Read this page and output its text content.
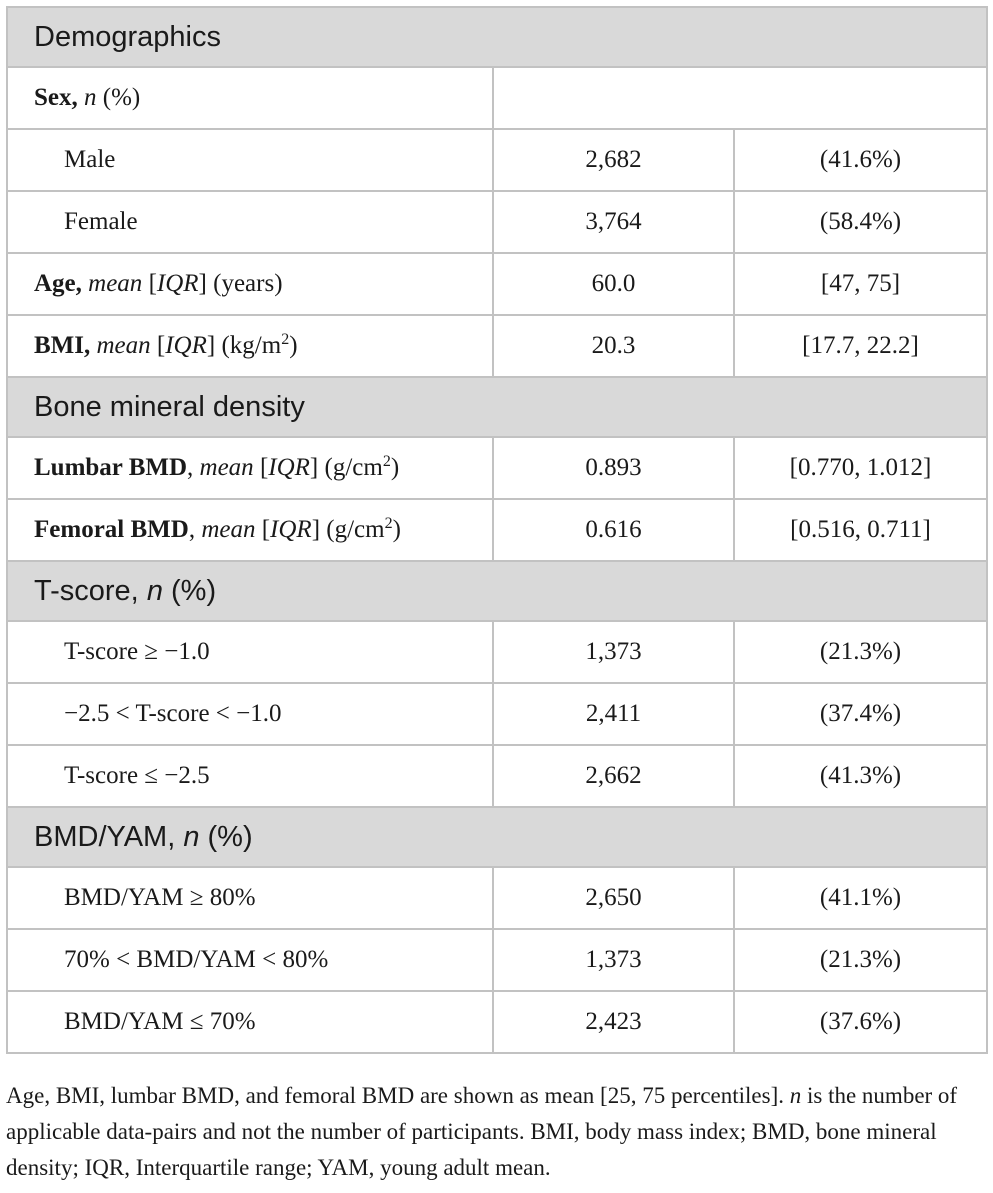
Demographics		
Sex, n (%)		
Male	2,682	(41.6%)
Female	3,764	(58.4%)
Age, mean [IQR] (years)	60.0	[47, 75]
BMI, mean [IQR] $(kg/m^2)$	20.3	[17.7, 22.2]
Bone mineral density		
Lumbar BMD, mean [IQR] $(g/cm^2)$	0.893	[0.770, 1.012]
Femoral BMD, mean [IQR] $(g/cm^2)$	0.616	[0.516, 0.711]
T-score, n (%)		
T-score ≥ −1.0	1,373	(21.3%)
−2.5 < T-score < −1.0	2,411	(37.4%)
T-score ≤ −2.5	2,662	(41.3%)
BMD/YAM, n (%)		
BMD/YAM ≥ 80%	2,650	(41.1%)
70% < BMD/YAM < 80%	1,373	(21.3%)
BMD/YAM ≤ 70%	2,423	(37.6%)

Age, BMI, lumbar BMD, and femoral BMD are shown as mean [25, 75 percentiles]. n is the number of applicable data-pairs and not the number of participants. BMI, body mass index; BMD, bone mineral density; IQR, Interquartile range; YAM, young adult mean.
